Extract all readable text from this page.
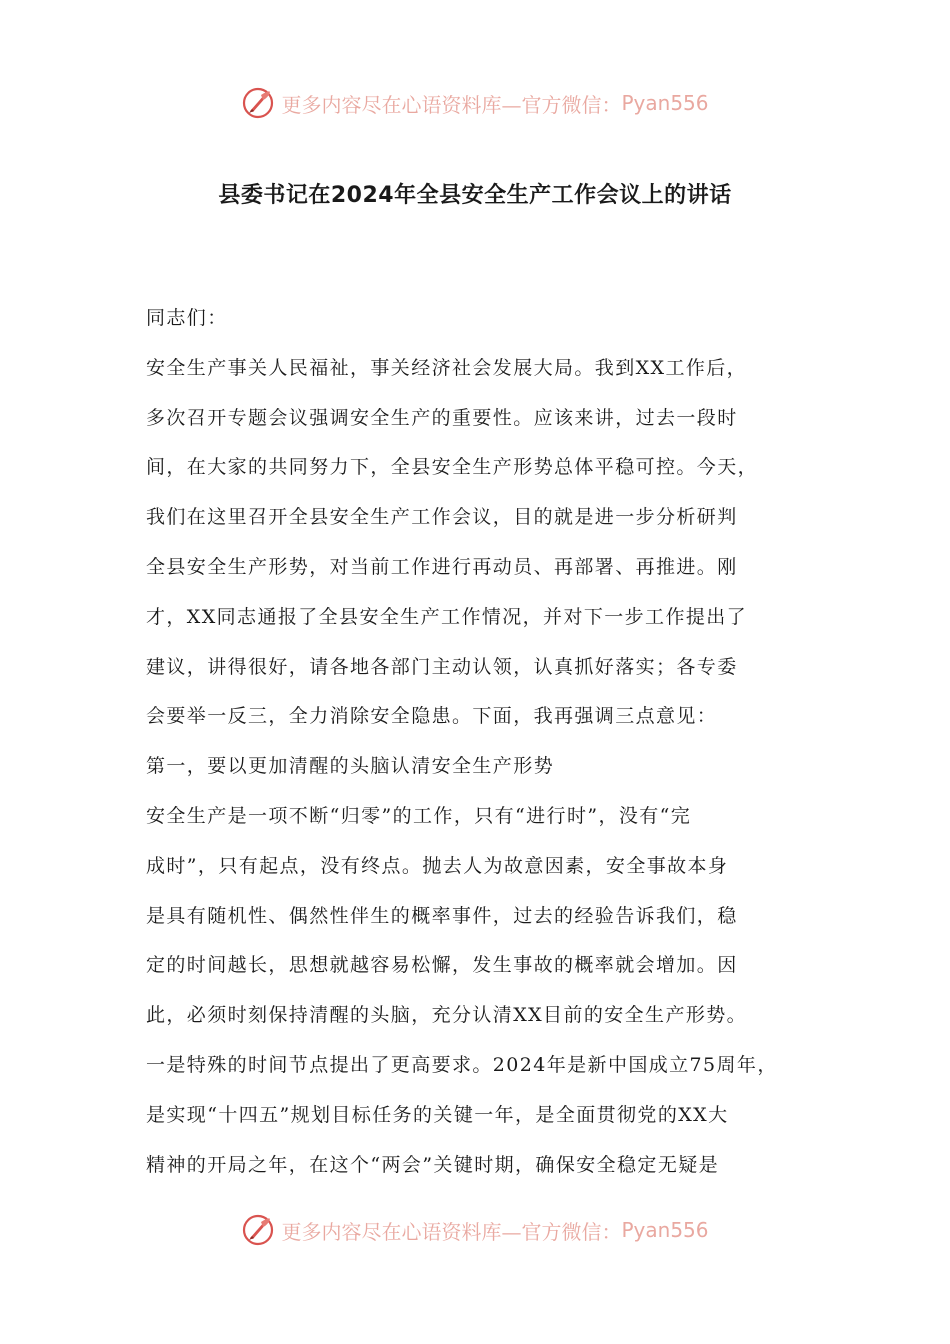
更多内容尽在心语资料库—官方微信： Pyan556
县委书记在2024年全县安全生产工作会议上的讲话
同志们：
安全生产事关人民福祉，事关经济社会发展大局。我到XX工作后，
多次召开专题会议强调安全生产的重要性。应该来讲，过去一段时
间，在大家的共同努力下，全县安全生产形势总体平稳可控。今天，
我们在这里召开全县安全生产工作会议，目的就是进一步分析研判
全县安全生产形势，对当前工作进行再动员、再部署、再推进。刚
才，XX同志通报了全县安全生产工作情况，并对下一步工作提出了
建议，讲得很好，请各地各部门主动认领，认真抓好落实；各专委
会要举一反三，全力消除安全隐患。下面，我再强调三点意见：
第一，要以更加清醒的头脑认清安全生产形势
安全生产是一项不断“归零”的工作，只有“进行时”，没有“完
成时”，只有起点，没有终点。抛去人为故意因素，安全事故本身
是具有随机性、偶然性伴生的概率事件，过去的经验告诉我们，稳
定的时间越长，思想就越容易松懈，发生事故的概率就会增加。因
此，必须时刻保持清醒的头脑，充分认清XX目前的安全生产形势。
一是特殊的时间节点提出了更高要求。2024年是新中国成立75周年，
是实现“十四五”规划目标任务的关键一年，是全面贯彻党的XX大
精神的开局之年，在这个“两会”关键时期，确保安全稳定无疑是
更多内容尽在心语资料库—官方微信： Pyan556
